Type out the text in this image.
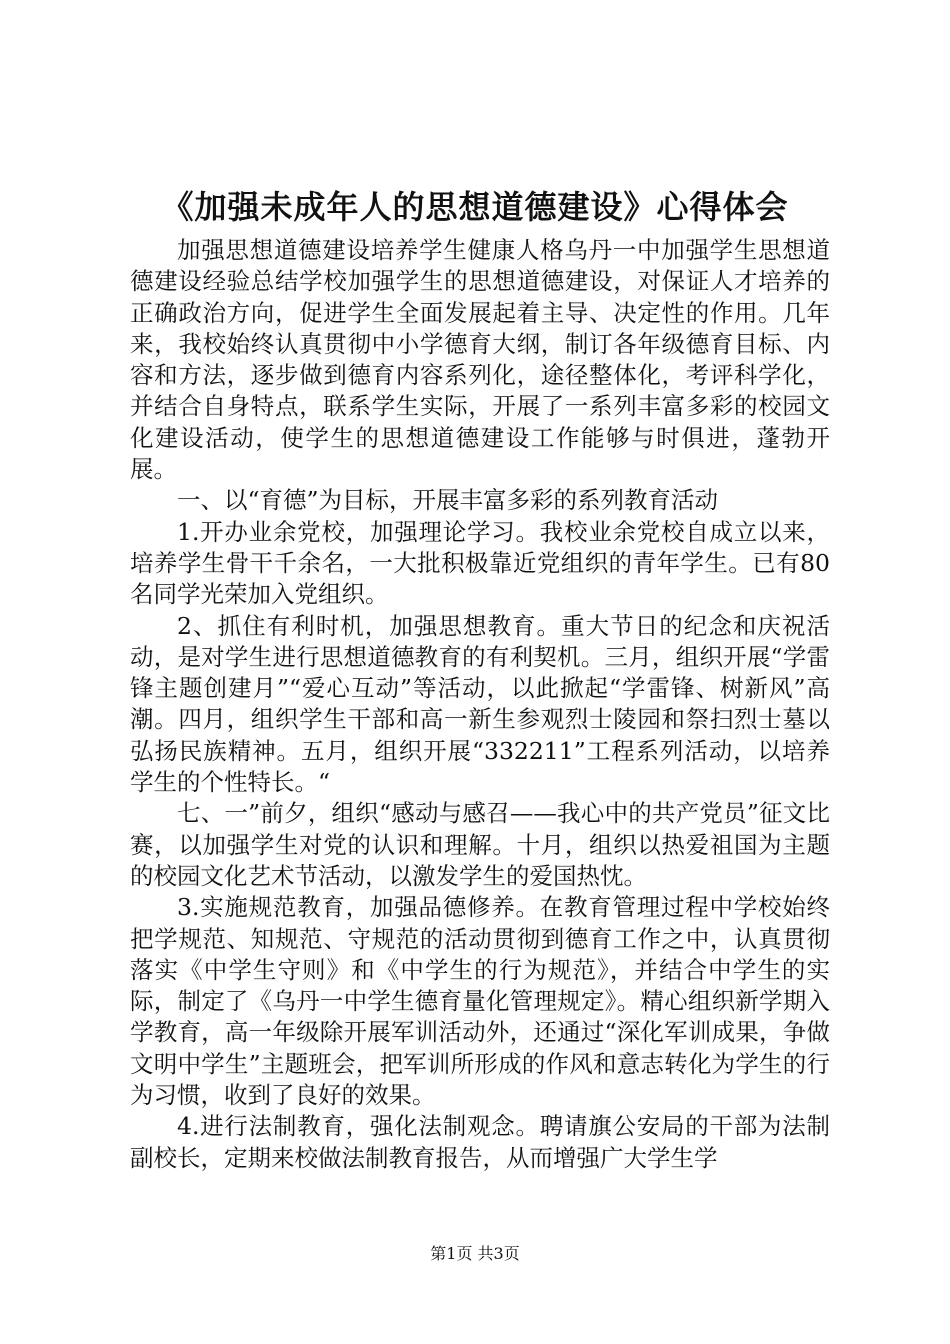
《加强未成年人的思想道德建设》心得体会

加强思想道德建设培养学生健康人格乌丹一中加强学生思想道德建设经验总结学校加强学生的思想道德建设，对保证人才培养的正确政治方向，促进学生全面发展起着主导、决定性的作用。几年来，我校始终认真贯彻中小学德育大纲，制订各年级德育目标、内容和方法，逐步做到德育内容系列化，途径整体化，考评科学化，并结合自身特点，联系学生实际，开展了一系列丰富多彩的校园文化建设活动，使学生的思想道德建设工作能够与时俱进，蓬勃开展。

一、以“育德”为目标，开展丰富多彩的系列教育活动

1.开办业余党校，加强理论学习。我校业余党校自成立以来，培养学生骨干千余名，一大批积极靠近党组织的青年学生。已有80名同学光荣加入党组织。

2、抓住有利时机，加强思想教育。重大节日的纪念和庆祝活动，是对学生进行思想道德教育的有利契机。三月，组织开展“学雷锋主题创建月”“爱心互动”等活动，以此掀起“学雷锋、树新风”高潮。四月，组织学生干部和高一新生参观烈士陵园和祭扫烈士墓以弘扬民族精神。五月，组织开展“332211”工程系列活动，以培养学生的个性特长。“

七、一”前夕，组织“感动与感召——我心中的共产党员”征文比赛，以加强学生对党的认识和理解。十月，组织以热爱祖国为主题的校园文化艺术节活动，以激发学生的爱国热忱。

3.实施规范教育，加强品德修养。在教育管理过程中学校始终把学规范、知规范、守规范的活动贯彻到德育工作之中，认真贯彻落实《中学生守则》和《中学生的行为规范》，并结合中学生的实际，制定了《乌丹一中学生德育量化管理规定》。精心组织新学期入学教育，高一年级除开展军训活动外，还通过“深化军训成果，争做文明中学生”主题班会，把军训所形成的作风和意志转化为学生的行为习惯，收到了良好的效果。

4.进行法制教育，强化法制观念。聘请旗公安局的干部为法制副校长，定期来校做法制教育报告，从而增强广大学生学

第1页 共3页
